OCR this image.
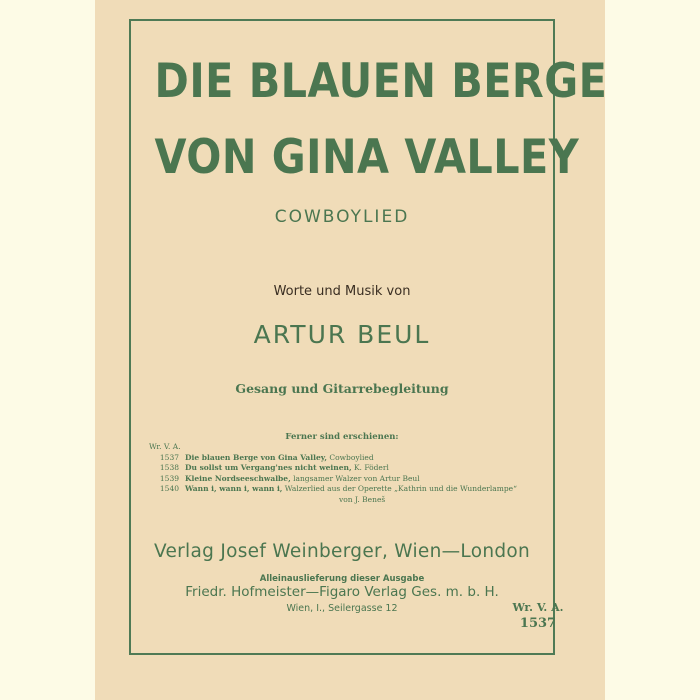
DIE BLAUEN BERGE
VON GINA VALLEY
COWBOYLIED
Worte und Musik von
ARTUR BEUL
Gesang und Gitarrebegleitung
Ferner sind erschienen:
Wr. V. A.
1537 Die blauen Berge von Gina Valley, Cowboylied
1538 Du sollst um Vergang'nes nicht weinen, K. Föderl
1539 Kleine Nordseeschwalbe, langsamer Walzer von Artur Beul
1540 Wann i, wann i, wann i, Walzerlied aus der Operette „Kathrin und die Wunderlampe“
von J. Beneš
Verlag Josef Weinberger, Wien—London
Alleinauslieferung dieser Ausgabe
Friedr. Hofmeister—Figaro Verlag Ges. m. b. H.
Wien, I., Seilergasse 12	Wr. V. A.
1537
